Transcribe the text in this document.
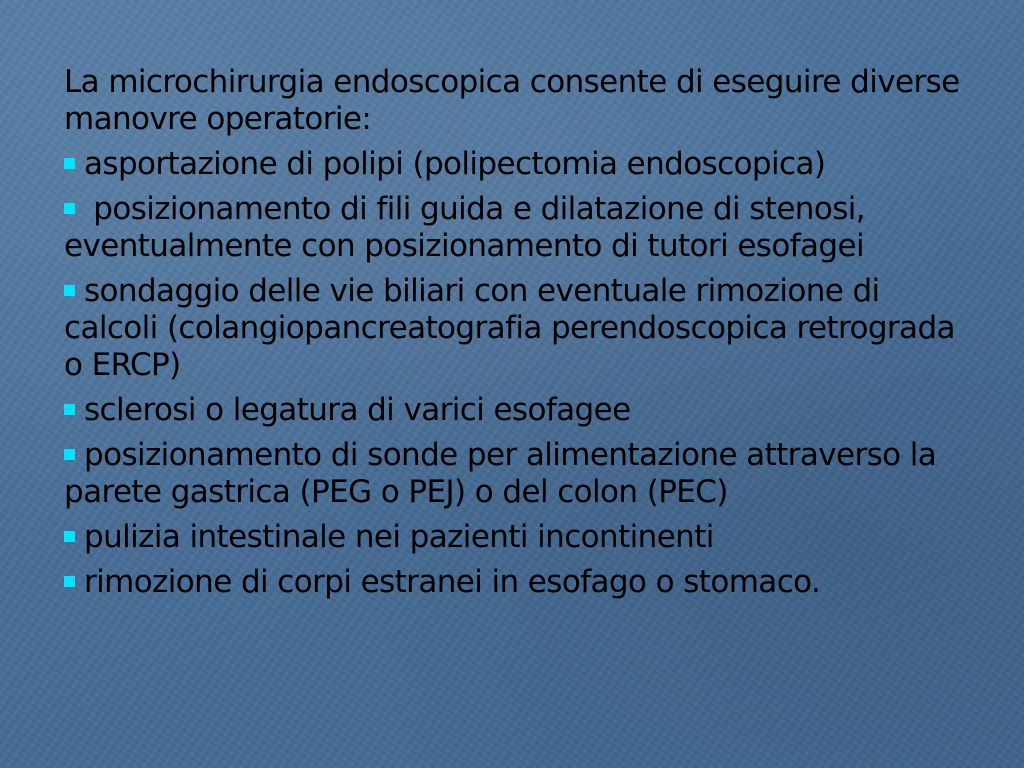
La microchirurgia endoscopica consente di eseguire diverse manovre operatorie:
asportazione di polipi (polipectomia endoscopica)
posizionamento di fili guida e dilatazione di stenosi, eventualmente con posizionamento di tutori esofagei
sondaggio delle vie biliari con eventuale rimozione di calcoli (colangiopancreatografia perendoscopica retrograda o ERCP)
sclerosi o legatura di varici esofagee
posizionamento di sonde per alimentazione attraverso la parete gastrica (PEG o PEJ) o del colon (PEC)
pulizia intestinale nei pazienti incontinenti
rimozione di corpi estranei in esofago o stomaco.
